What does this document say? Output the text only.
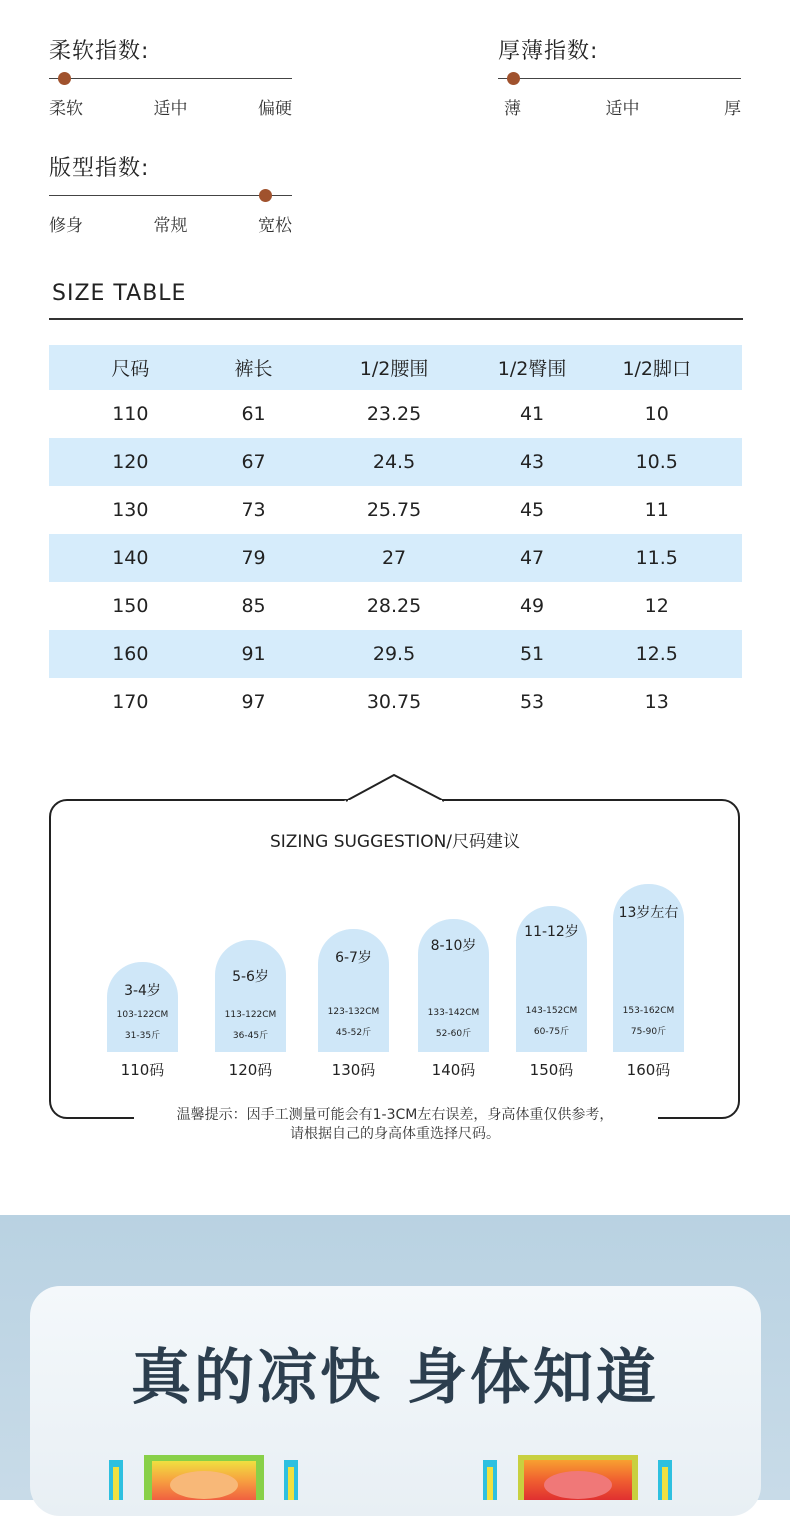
柔软指数:
柔软	适中	偏硬
厚薄指数:
薄	适中	厚
版型指数:
修身	常规	宽松
SIZE TABLE
尺码	裤长	1/2腰围	1/2臀围	1/2脚口
110	61	23.25	41	10
120	67	24.5	43	10.5
130	73	25.75	45	11
140	79	27	47	11.5
150	85	28.25	49	12
160	91	29.5	51	12.5
170	97	30.75	53	13
SIZING SUGGESTION/尺码建议
3-4岁
103-122CM
31-35斤
110码
5-6岁
113-122CM
36-45斤
120码
6-7岁
123-132CM
45-52斤
130码
8-10岁
133-142CM
52-60斤
140码
11-12岁
143-152CM
60-75斤
150码
13岁左右
153-162CM
75-90斤
160码
温馨提示：因手工测量可能会有1-3CM左右误差，身高体重仅供参考，
请根据自己的身高体重选择尺码。
真的凉快 身体知道
